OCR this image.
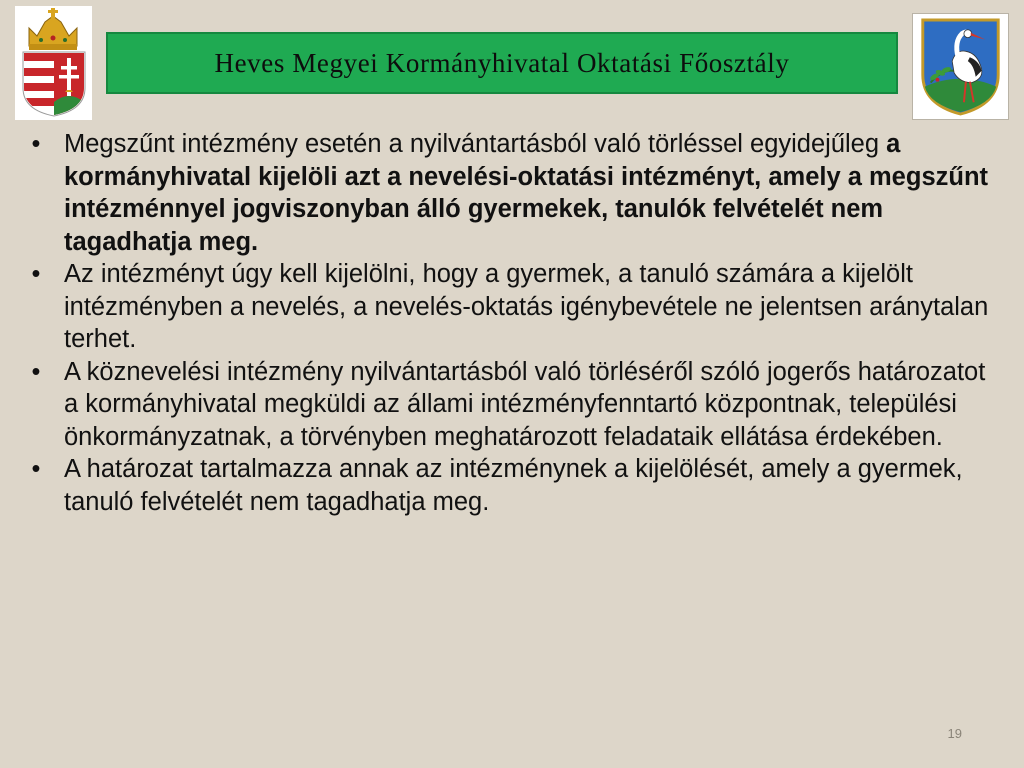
Heves Megyei Kormányhivatal Oktatási Főosztály
• Megszűnt intézmény esetén a nyilvántartásból való törléssel egyidejűleg a kormányhivatal kijelöli azt a nevelési-oktatási intézményt, amely a megszűnt intézménnyel jogviszonyban álló gyermekek, tanulók felvételét nem tagadhatja meg.
• Az intézményt úgy kell kijelölni, hogy a gyermek, a tanuló számára a kijelölt intézményben a nevelés, a nevelés-oktatás igénybevétele ne jelentsen aránytalan terhet.
• A köznevelési intézmény nyilvántartásból való törléséről szóló jogerős határozatot a kormányhivatal megküldi az állami intézményfenntartó központnak, települési önkormányzatnak, a törvényben meghatározott feladataik ellátása érdekében.
• A határozat tartalmazza annak az intézménynek a kijelölését, amely a gyermek, tanuló felvételét nem tagadhatja meg.
19
